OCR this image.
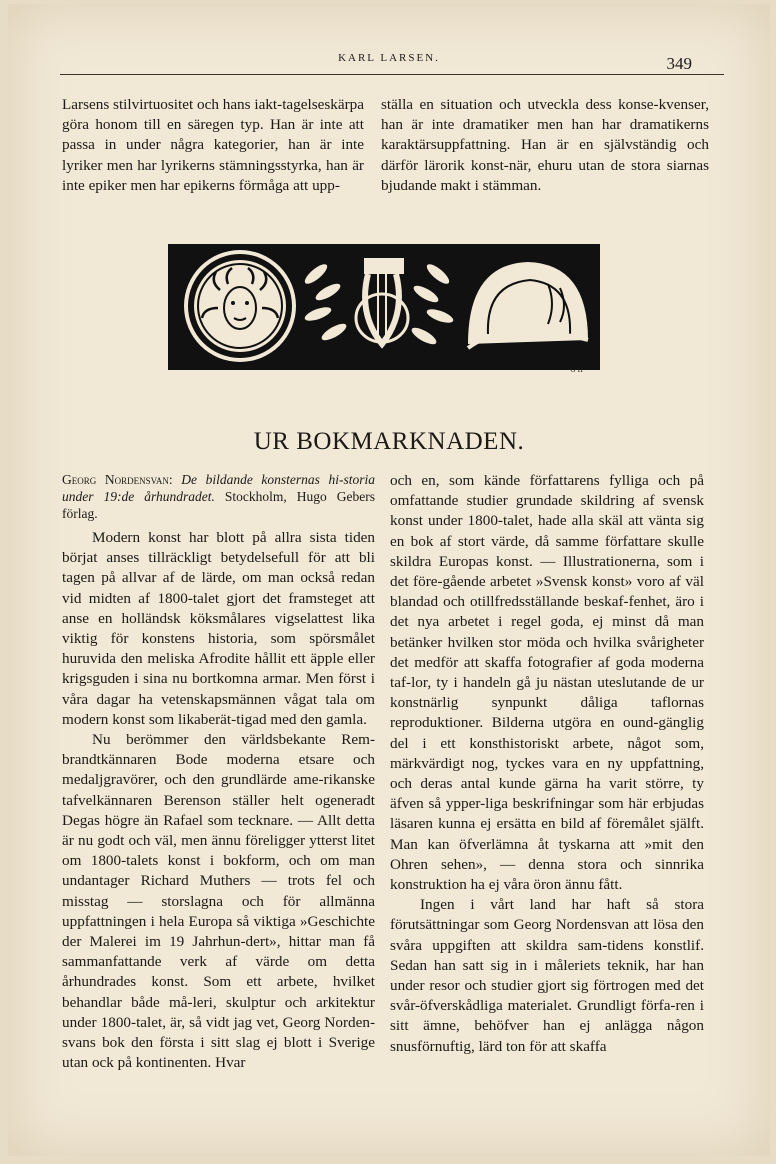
KARL LARSEN.	349

Larsens stilvirtuositet och hans iakt-tagelseskärpa göra honom till en säregen typ. Han är inte att passa in under några kategorier, han är inte lyriker men har lyrikerns stämningsstyrka, han är inte epiker men har epikerns förmåga att upp-

ställa en situation och utveckla dess konse-kvenser, han är inte dramatiker men han har dramatikerns karaktärsuppfattning. Han är en självständig och därför lärorik konst-när, ehuru utan de stora siarnas bjudande makt i stämman.

·G·H·
UR BOKMARKNADEN.

Georg Nordensvan: De bildande konsternas hi-storia under 19:de århundradet. Stockholm, Hugo Gebers förlag.

Modern konst har blott på allra sista tiden börjat anses tillräckligt betydelsefull för att bli tagen på allvar af de lärde, om man också redan vid midten af 1800-talet gjort det framsteget att anse en holländsk köksmålares vigselattest lika viktig för konstens historia, som spörsmålet huruvida den meliska Afrodite hållit ett äpple eller krigsguden i sina nu bortkomna armar. Men först i våra dagar ha vetenskapsmännen vågat tala om modern konst som likaberät-tigad med den gamla.

Nu berömmer den världsbekante Rem-brandtkännaren Bode moderna etsare och medaljgravörer, och den grundlärde ame-rikanske tafvelkännaren Berenson ställer helt ogeneradt Degas högre än Rafael som tecknare. — Allt detta är nu godt och väl, men ännu föreligger ytterst litet om 1800-talets konst i bokform, och om man undantager Richard Muthers — trots fel och misstag — storslagna och för allmänna uppfattningen i hela Europa så viktiga »Geschichte der Malerei im 19 Jahrhun-dert», hittar man få sammanfattande verk af värde om detta århundrades konst. Som ett arbete, hvilket behandlar både må-leri, skulptur och arkitektur under 1800-talet, är, så vidt jag vet, Georg Norden-svans bok den första i sitt slag ej blott i Sverige utan ock på kontinenten. Hvar

och en, som kände författarens fylliga och på omfattande studier grundade skildring af svensk konst under 1800-talet, hade alla skäl att vänta sig en bok af stort värde, då samme författare skulle skildra Europas konst. — Illustrationerna, som i det före-gående arbetet »Svensk konst» voro af väl blandad och otillfredsställande beskaf-fenhet, äro i det nya arbetet i regel goda, ej minst då man betänker hvilken stor möda och hvilka svårigheter det medför att skaffa fotografier af goda moderna taf-lor, ty i handeln gå ju nästan uteslutande de ur konstnärlig synpunkt dåliga taflornas reproduktioner. Bilderna utgöra en ound-gänglig del i ett konsthistoriskt arbete, något som, märkvärdigt nog, tyckes vara en ny uppfattning, och deras antal kunde gärna ha varit större, ty äfven så ypper-liga beskrifningar som här erbjudas läsaren kunna ej ersätta en bild af föremålet själft. Man kan öfverlämna åt tyskarna att »mit den Ohren sehen», — denna stora och sinnrika konstruktion ha ej våra öron ännu fått.

Ingen i vårt land har haft så stora förutsättningar som Georg Nordensvan att lösa den svåra uppgiften att skildra sam-tidens konstlif. Sedan han satt sig in i måleriets teknik, har han under resor och studier gjort sig förtrogen med det svår-öfverskådliga materialet. Grundligt förfa-ren i sitt ämne, behöfver han ej anlägga någon snusförnuftig, lärd ton för att skaffa
